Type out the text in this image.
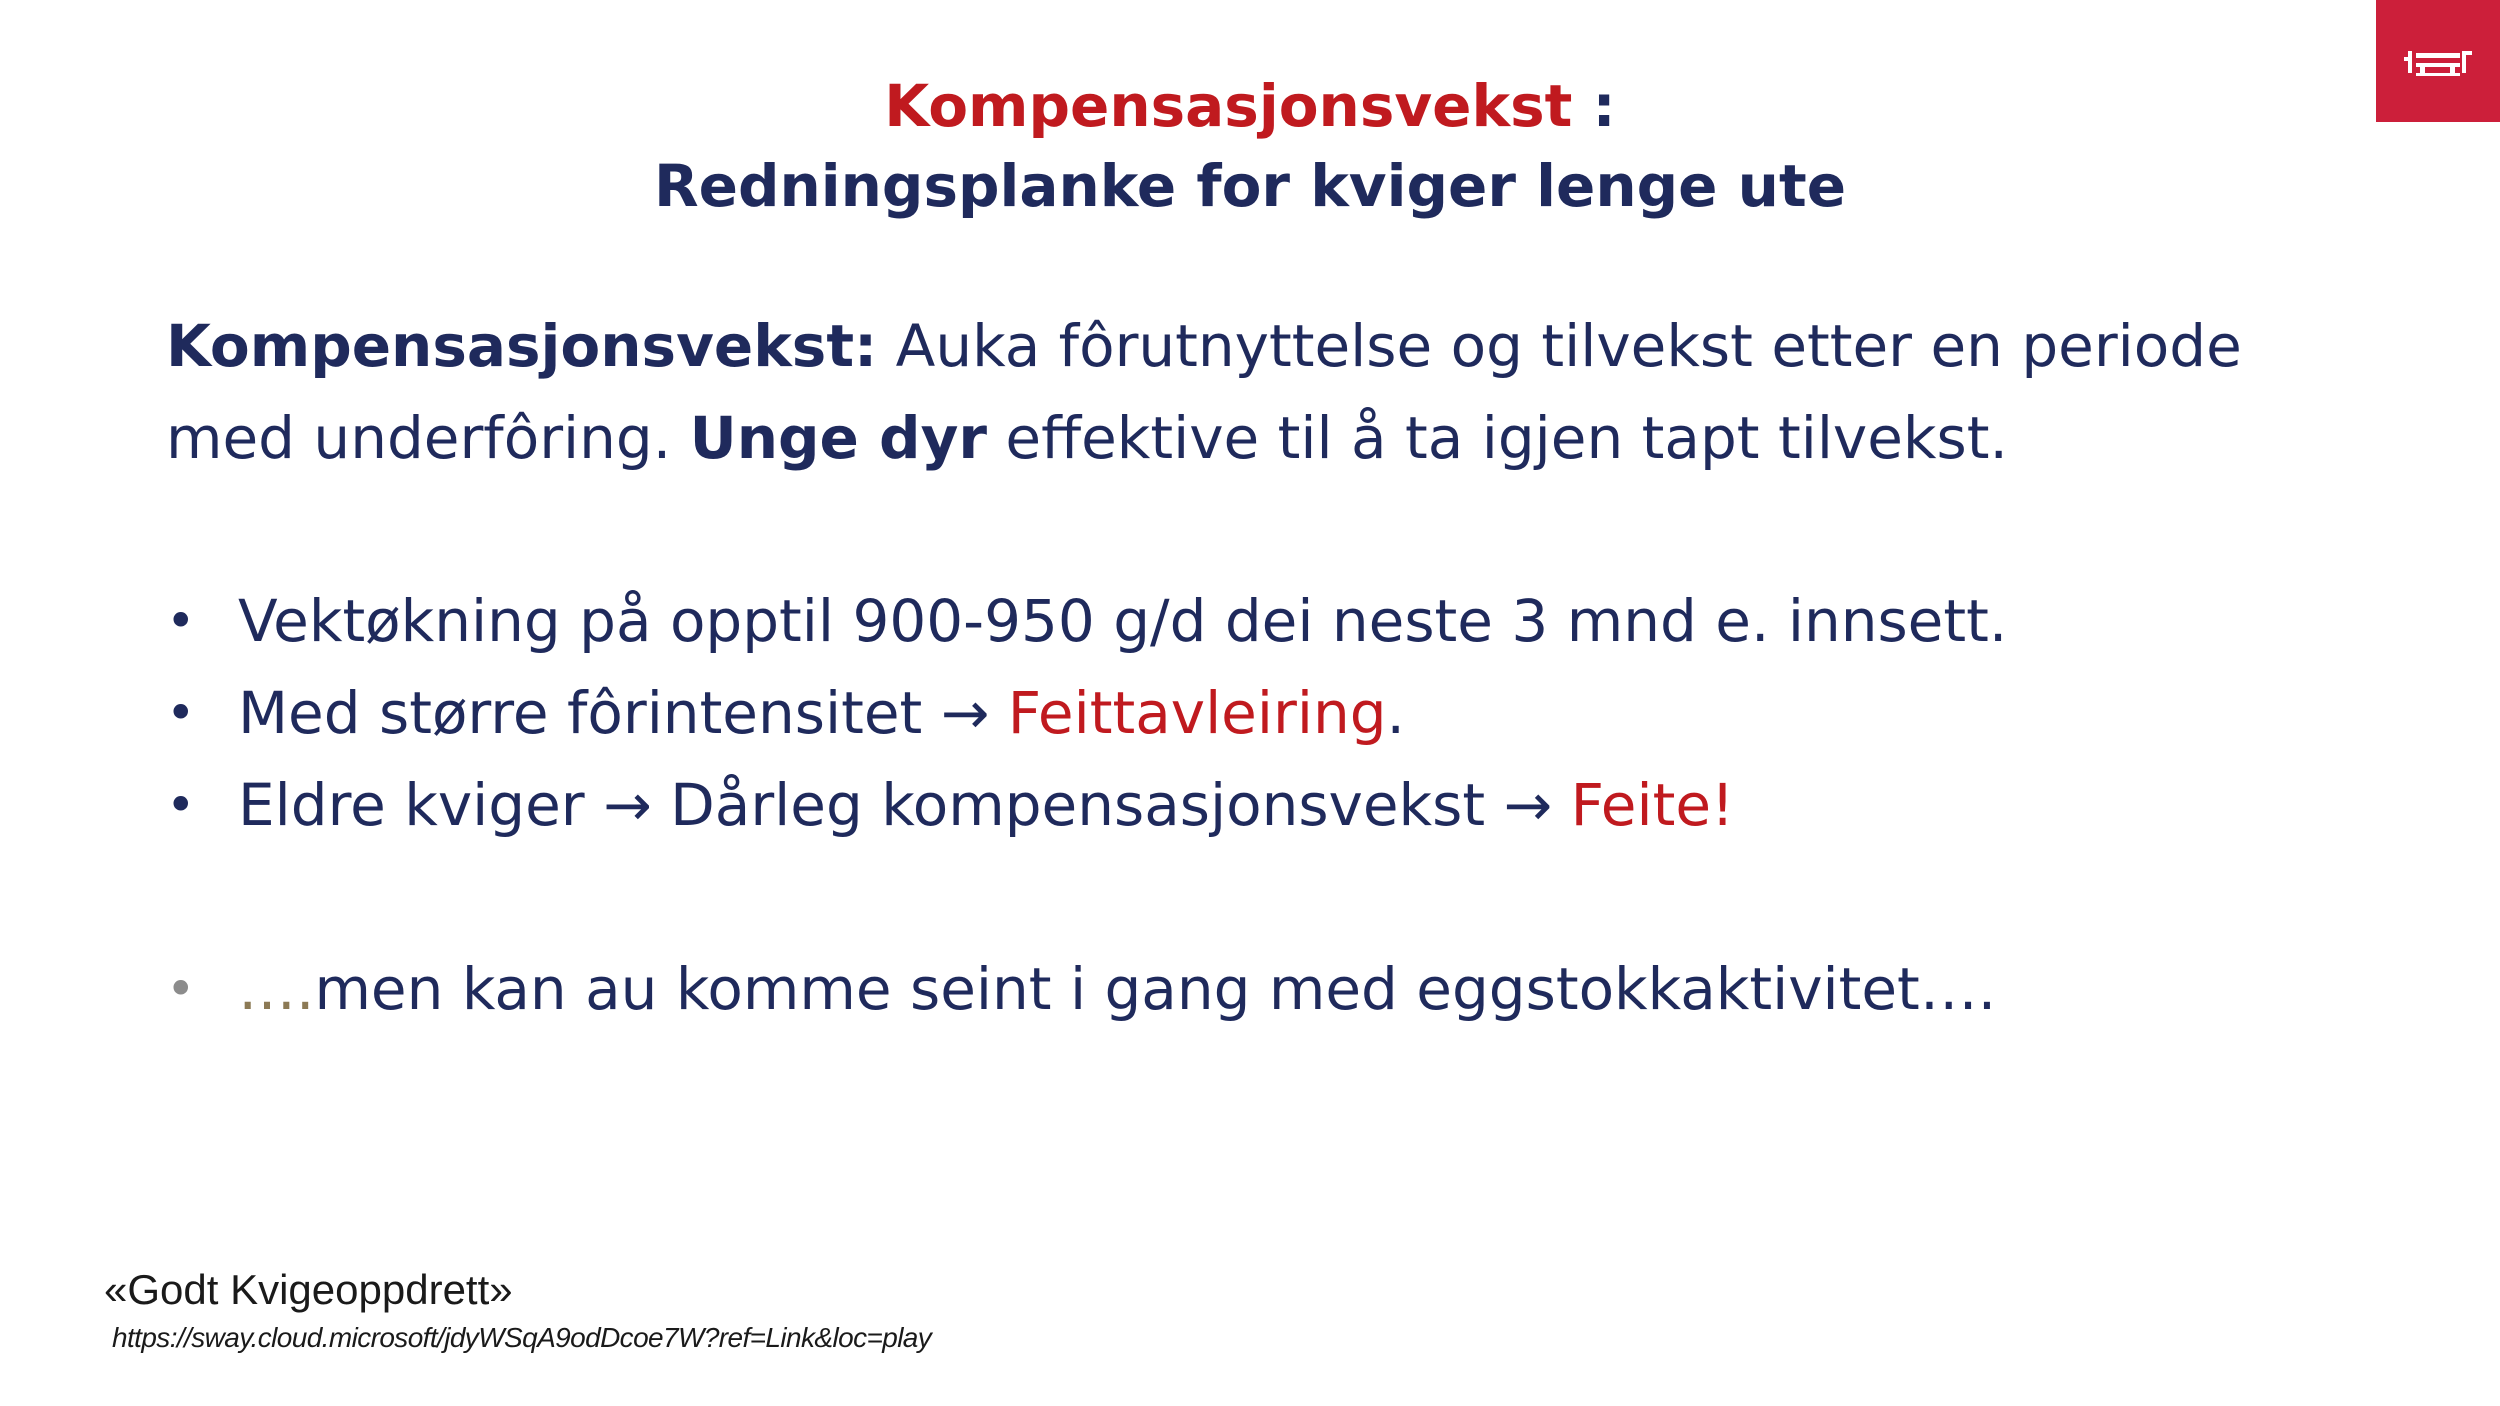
Kompensasjonsvekst :
Redningsplanke for kviger lenge ute
Kompensasjonsvekst: Auka fôrutnyttelse og tilvekst etter en periode
med underfôring. Unge dyr effektive til å ta igjen tapt tilvekst.
• Vektøkning på opptil 900-950 g/d dei neste 3 mnd e. innsett.
• Med større fôrintensitet → Feittavleiring.
• Eldre kviger → Dårleg kompensasjonsvekst → Feite!
• ….men kan au komme seint i gang med eggstokkaktivitet….
«Godt Kvigeoppdrett»
https://sway.cloud.microsoft/jdyWSqA9odDcoe7W?ref=Link&loc=play
